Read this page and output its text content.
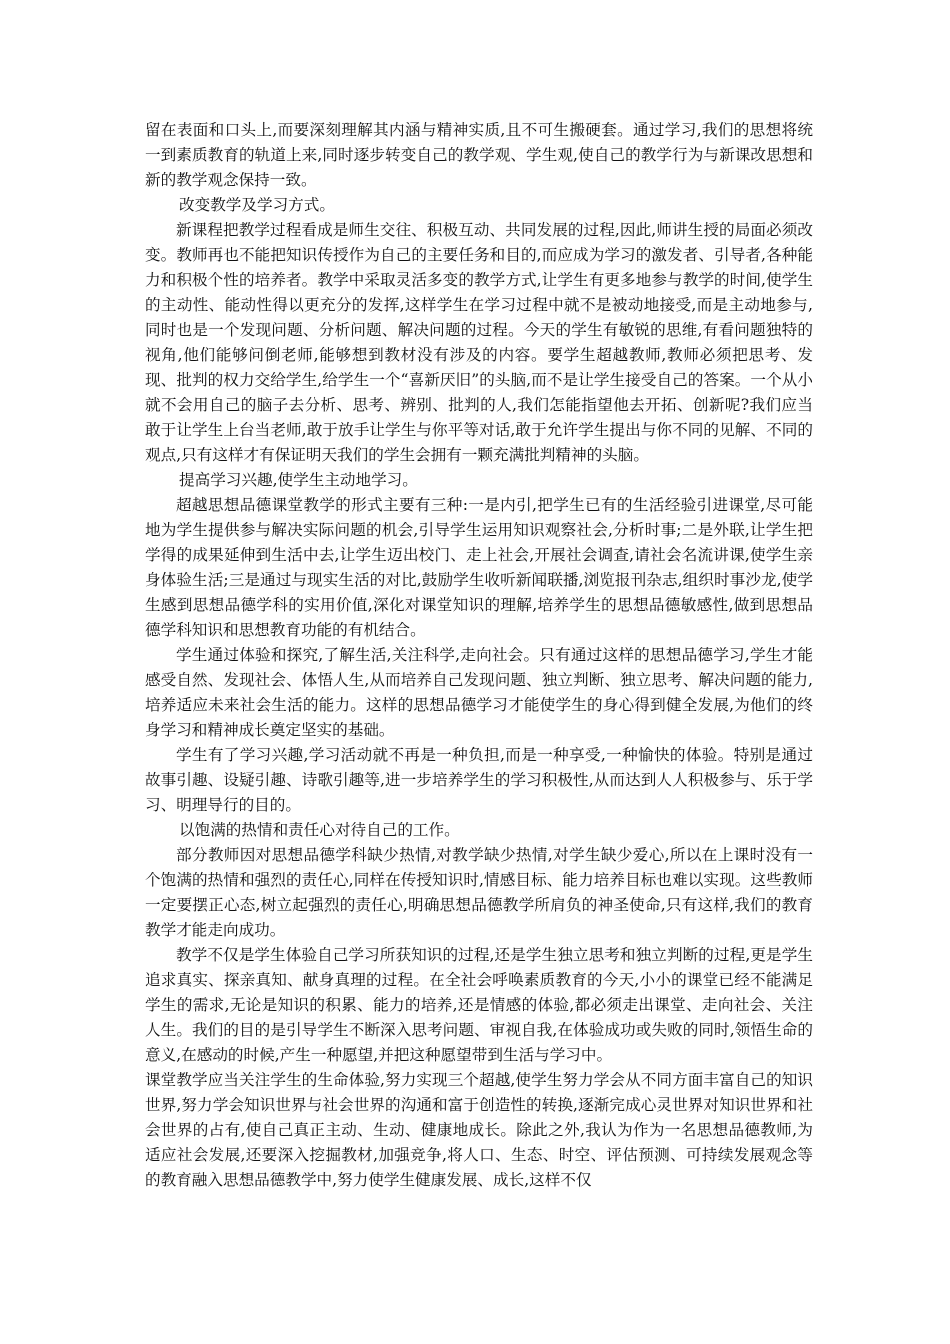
留在表面和口头上,而要深刻理解其内涵与精神实质,且不可生搬硬套。通过学习,我们的思想将统一到素质教育的轨道上来,同时逐步转变自己的教学观、学生观,使自己的教学行为与新课改思想和新的教学观念保持一致。

改变教学及学习方式。

新课程把教学过程看成是师生交往、积极互动、共同发展的过程,因此,师讲生授的局面必须改变。教师再也不能把知识传授作为自己的主要任务和目的,而应成为学习的激发者、引导者,各种能力和积极个性的培养者。教学中采取灵活多变的教学方式,让学生有更多地参与教学的时间,使学生的主动性、能动性得以更充分的发挥,这样学生在学习过程中就不是被动地接受,而是主动地参与,同时也是一个发现问题、分析问题、解决问题的过程。今天的学生有敏锐的思维,有看问题独特的视角,他们能够问倒老师,能够想到教材没有涉及的内容。要学生超越教师,教师必须把思考、发现、批判的权力交给学生,给学生一个“喜新厌旧”的头脑,而不是让学生接受自己的答案。一个从小就不会用自己的脑子去分析、思考、辨别、批判的人,我们怎能指望他去开拓、创新呢?我们应当敢于让学生上台当老师,敢于放手让学生与你平等对话,敢于允许学生提出与你不同的见解、不同的观点,只有这样才有保证明天我们的学生会拥有一颗充满批判精神的头脑。

提高学习兴趣,使学生主动地学习。

超越思想品德课堂教学的形式主要有三种:一是内引,把学生已有的生活经验引进课堂,尽可能地为学生提供参与解决实际问题的机会,引导学生运用知识观察社会,分析时事;二是外联,让学生把学得的成果延伸到生活中去,让学生迈出校门、走上社会,开展社会调查,请社会名流讲课,使学生亲身体验生活;三是通过与现实生活的对比,鼓励学生收听新闻联播,浏览报刊杂志,组织时事沙龙,使学生感到思想品德学科的实用价值,深化对课堂知识的理解,培养学生的思想品德敏感性,做到思想品德学科知识和思想教育功能的有机结合。

学生通过体验和探究,了解生活,关注科学,走向社会。只有通过这样的思想品德学习,学生才能感受自然、发现社会、体悟人生,从而培养自己发现问题、独立判断、独立思考、解决问题的能力,培养适应未来社会生活的能力。这样的思想品德学习才能使学生的身心得到健全发展,为他们的终身学习和精神成长奠定坚实的基础。

学生有了学习兴趣,学习活动就不再是一种负担,而是一种享受,一种愉快的体验。特别是通过故事引趣、设疑引趣、诗歌引趣等,进一步培养学生的学习积极性,从而达到人人积极参与、乐于学习、明理导行的目的。

以饱满的热情和责任心对待自己的工作。

部分教师因对思想品德学科缺少热情,对教学缺少热情,对学生缺少爱心,所以在上课时没有一个饱满的热情和强烈的责任心,同样在传授知识时,情感目标、能力培养目标也难以实现。这些教师一定要摆正心态,树立起强烈的责任心,明确思想品德教学所肩负的神圣使命,只有这样,我们的教育教学才能走向成功。

教学不仅是学生体验自己学习所获知识的过程,还是学生独立思考和独立判断的过程,更是学生追求真实、探亲真知、献身真理的过程。在全社会呼唤素质教育的今天,小小的课堂已经不能满足学生的需求,无论是知识的积累、能力的培养,还是情感的体验,都必须走出课堂、走向社会、关注人生。我们的目的是引导学生不断深入思考问题、审视自我,在体验成功或失败的同时,领悟生命的意义,在感动的时候,产生一种愿望,并把这种愿望带到生活与学习中。

课堂教学应当关注学生的生命体验,努力实现三个超越,使学生努力学会从不同方面丰富自己的知识世界,努力学会知识世界与社会世界的沟通和富于创造性的转换,逐渐完成心灵世界对知识世界和社会世界的占有,使自己真正主动、生动、健康地成长。除此之外,我认为作为一名思想品德教师,为适应社会发展,还要深入挖掘教材,加强竞争,将人口、生态、时空、评估预测、可持续发展观念等的教育融入思想品德教学中,努力使学生健康发展、成长,这样不仅
